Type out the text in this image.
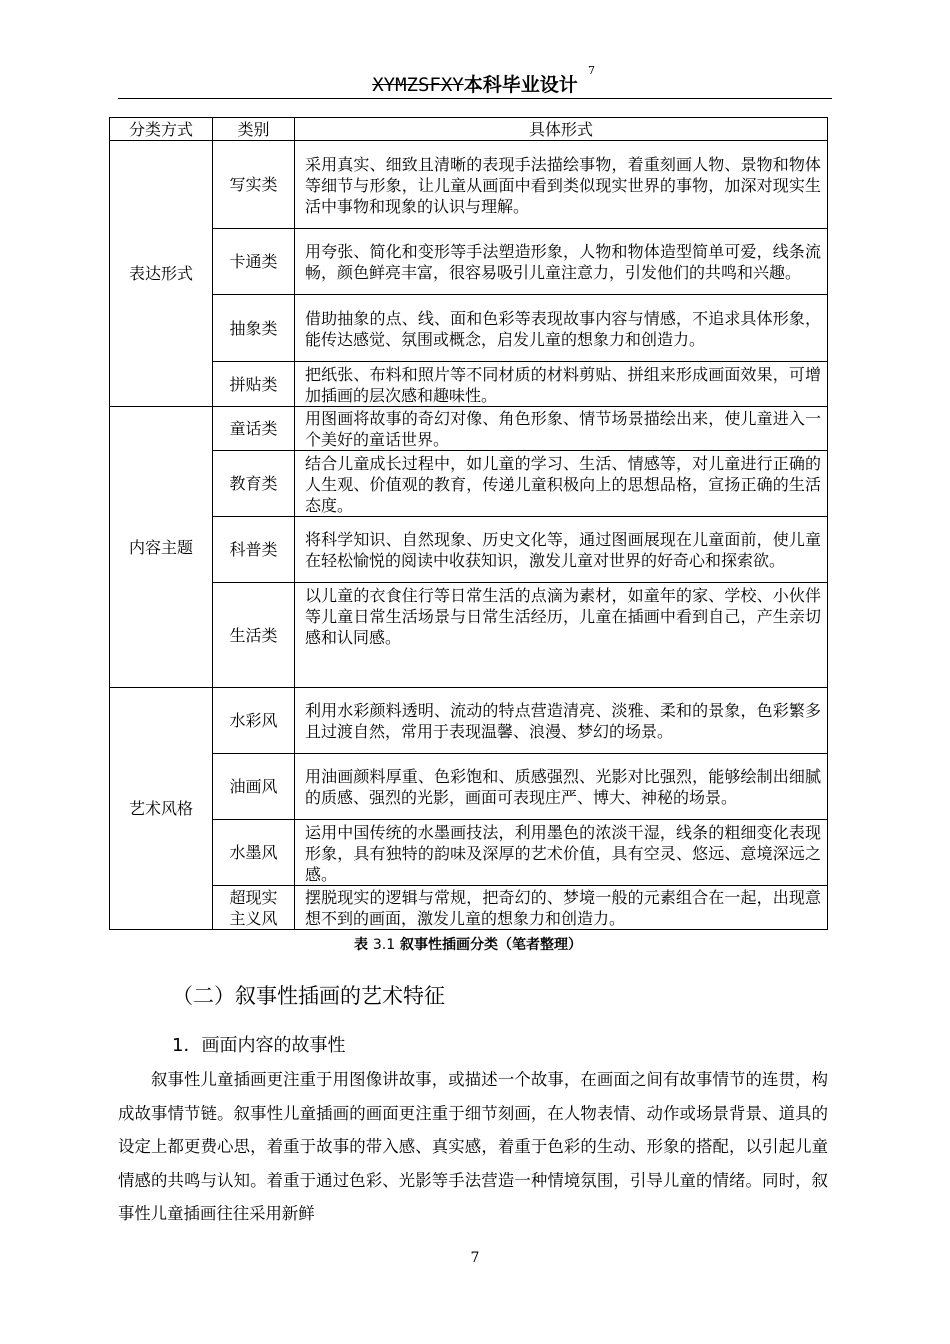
XYMZSFXY本科毕业设计
7
分类方式	类别	具体形式
表达形式	写实类	采用真实、细致且清晰的表现手法描绘事物，着重刻画人物、景物和物体等细节与形象，让儿童从画面中看到类似现实世界的事物，加深对现实生活中事物和现象的认识与理解。
	卡通类	用夸张、简化和变形等手法塑造形象，人物和物体造型简单可爱，线条流畅，颜色鲜亮丰富，很容易吸引儿童注意力，引发他们的共鸣和兴趣。
	抽象类	借助抽象的点、线、面和色彩等表现故事内容与情感，不追求具体形象，能传达感觉、氛围或概念，启发儿童的想象力和创造力。
	拼贴类	把纸张、布料和照片等不同材质的材料剪贴、拼组来形成画面效果，可增加插画的层次感和趣味性。
内容主题	童话类	用图画将故事的奇幻对像、角色形象、情节场景描绘出来，使儿童进入一个美好的童话世界。
	教育类	结合儿童成长过程中，如儿童的学习、生活、情感等，对儿童进行正确的人生观、价值观的教育，传递儿童积极向上的思想品格，宣扬正确的生活态度。
	科普类	将科学知识、自然现象、历史文化等，通过图画展现在儿童面前，使儿童在轻松愉悦的阅读中收获知识，激发儿童对世界的好奇心和探索欲。
	生活类	以儿童的衣食住行等日常生活的点滴为素材，如童年的家、学校、小伙伴等儿童日常生活场景与日常生活经历，儿童在插画中看到自己，产生亲切感和认同感。
艺术风格	水彩风	利用水彩颜料透明、流动的特点营造清亮、淡雅、柔和的景象，色彩繁多且过渡自然，常用于表现温馨、浪漫、梦幻的场景。
	油画风	用油画颜料厚重、色彩饱和、质感强烈、光影对比强烈，能够绘制出细腻的质感、强烈的光影，画面可表现庄严、博大、神秘的场景。
	水墨风	运用中国传统的水墨画技法，利用墨色的浓淡干湿，线条的粗细变化表现形象，具有独特的韵味及深厚的艺术价值，具有空灵、悠远、意境深远之感。
	超现实主义风	摆脱现实的逻辑与常规，把奇幻的、梦境一般的元素组合在一起，出现意想不到的画面，激发儿童的想象力和创造力。
表 3.1 叙事性插画分类（笔者整理）
（二）叙事性插画的艺术特征
1．画面内容的故事性

叙事性儿童插画更注重于用图像讲故事，或描述一个故事，在画面之间有故事情节的连贯，构成故事情节链。叙事性儿童插画的画面更注重于细节刻画，在人物表情、动作或场景背景、道具的设定上都更费心思，着重于故事的带入感、真实感，着重于色彩的生动、形象的搭配，以引起儿童情感的共鸣与认知。着重于通过色彩、光影等手法营造一种情境氛围，引导儿童的情绪。同时，叙事性儿童插画往往采用新鲜

7
